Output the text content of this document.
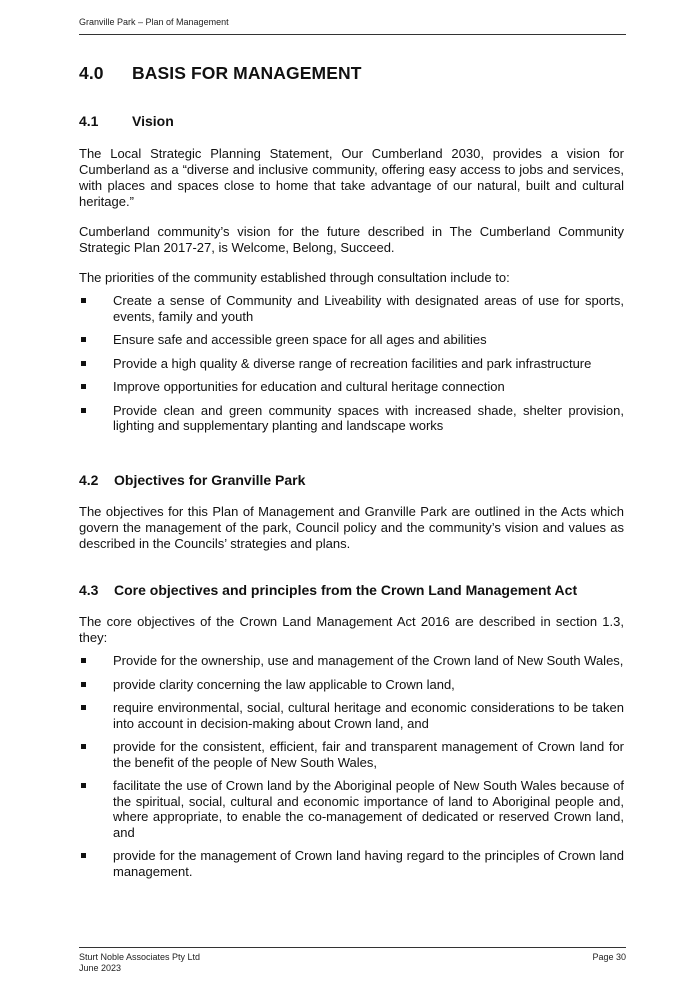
Granville Park – Plan of Management
4.0 BASIS FOR MANAGEMENT
4.1 Vision
The Local Strategic Planning Statement, Our Cumberland 2030, provides a vision for Cumberland as a “diverse and inclusive community, offering easy access to jobs and services, with places and spaces close to home that take advantage of our natural, built and cultural heritage.”
Cumberland community’s vision for the future described in The Cumberland Community Strategic Plan 2017-27, is Welcome, Belong, Succeed.
The priorities of the community established through consultation include to:
Create a sense of Community and Liveability with designated areas of use for sports, events, family and youth
Ensure safe and accessible green space for all ages and abilities
Provide a high quality & diverse range of recreation facilities and park infrastructure
Improve opportunities for education and cultural heritage connection
Provide clean and green community spaces with increased shade, shelter provision, lighting and supplementary planting and landscape works
4.2 Objectives for Granville Park
The objectives for this Plan of Management and Granville Park are outlined in the Acts which govern the management of the park, Council policy and the community’s vision and values as described in the Councils’ strategies and plans.
4.3 Core objectives and principles from the Crown Land Management Act
The core objectives of the Crown Land Management Act 2016 are described in section 1.3, they:
Provide for the ownership, use and management of the Crown land of New South Wales,
provide clarity concerning the law applicable to Crown land,
require environmental, social, cultural heritage and economic considerations to be taken into account in decision-making about Crown land, and
provide for the consistent, efficient, fair and transparent management of Crown land for the benefit of the people of New South Wales,
facilitate the use of Crown land by the Aboriginal people of New South Wales because of the spiritual, social, cultural and economic importance of land to Aboriginal people and, where appropriate, to enable the co-management of dedicated or reserved Crown land, and
provide for the management of Crown land having regard to the principles of Crown land management.
Sturt Noble Associates Pty Ltd
June 2023
Page 30
